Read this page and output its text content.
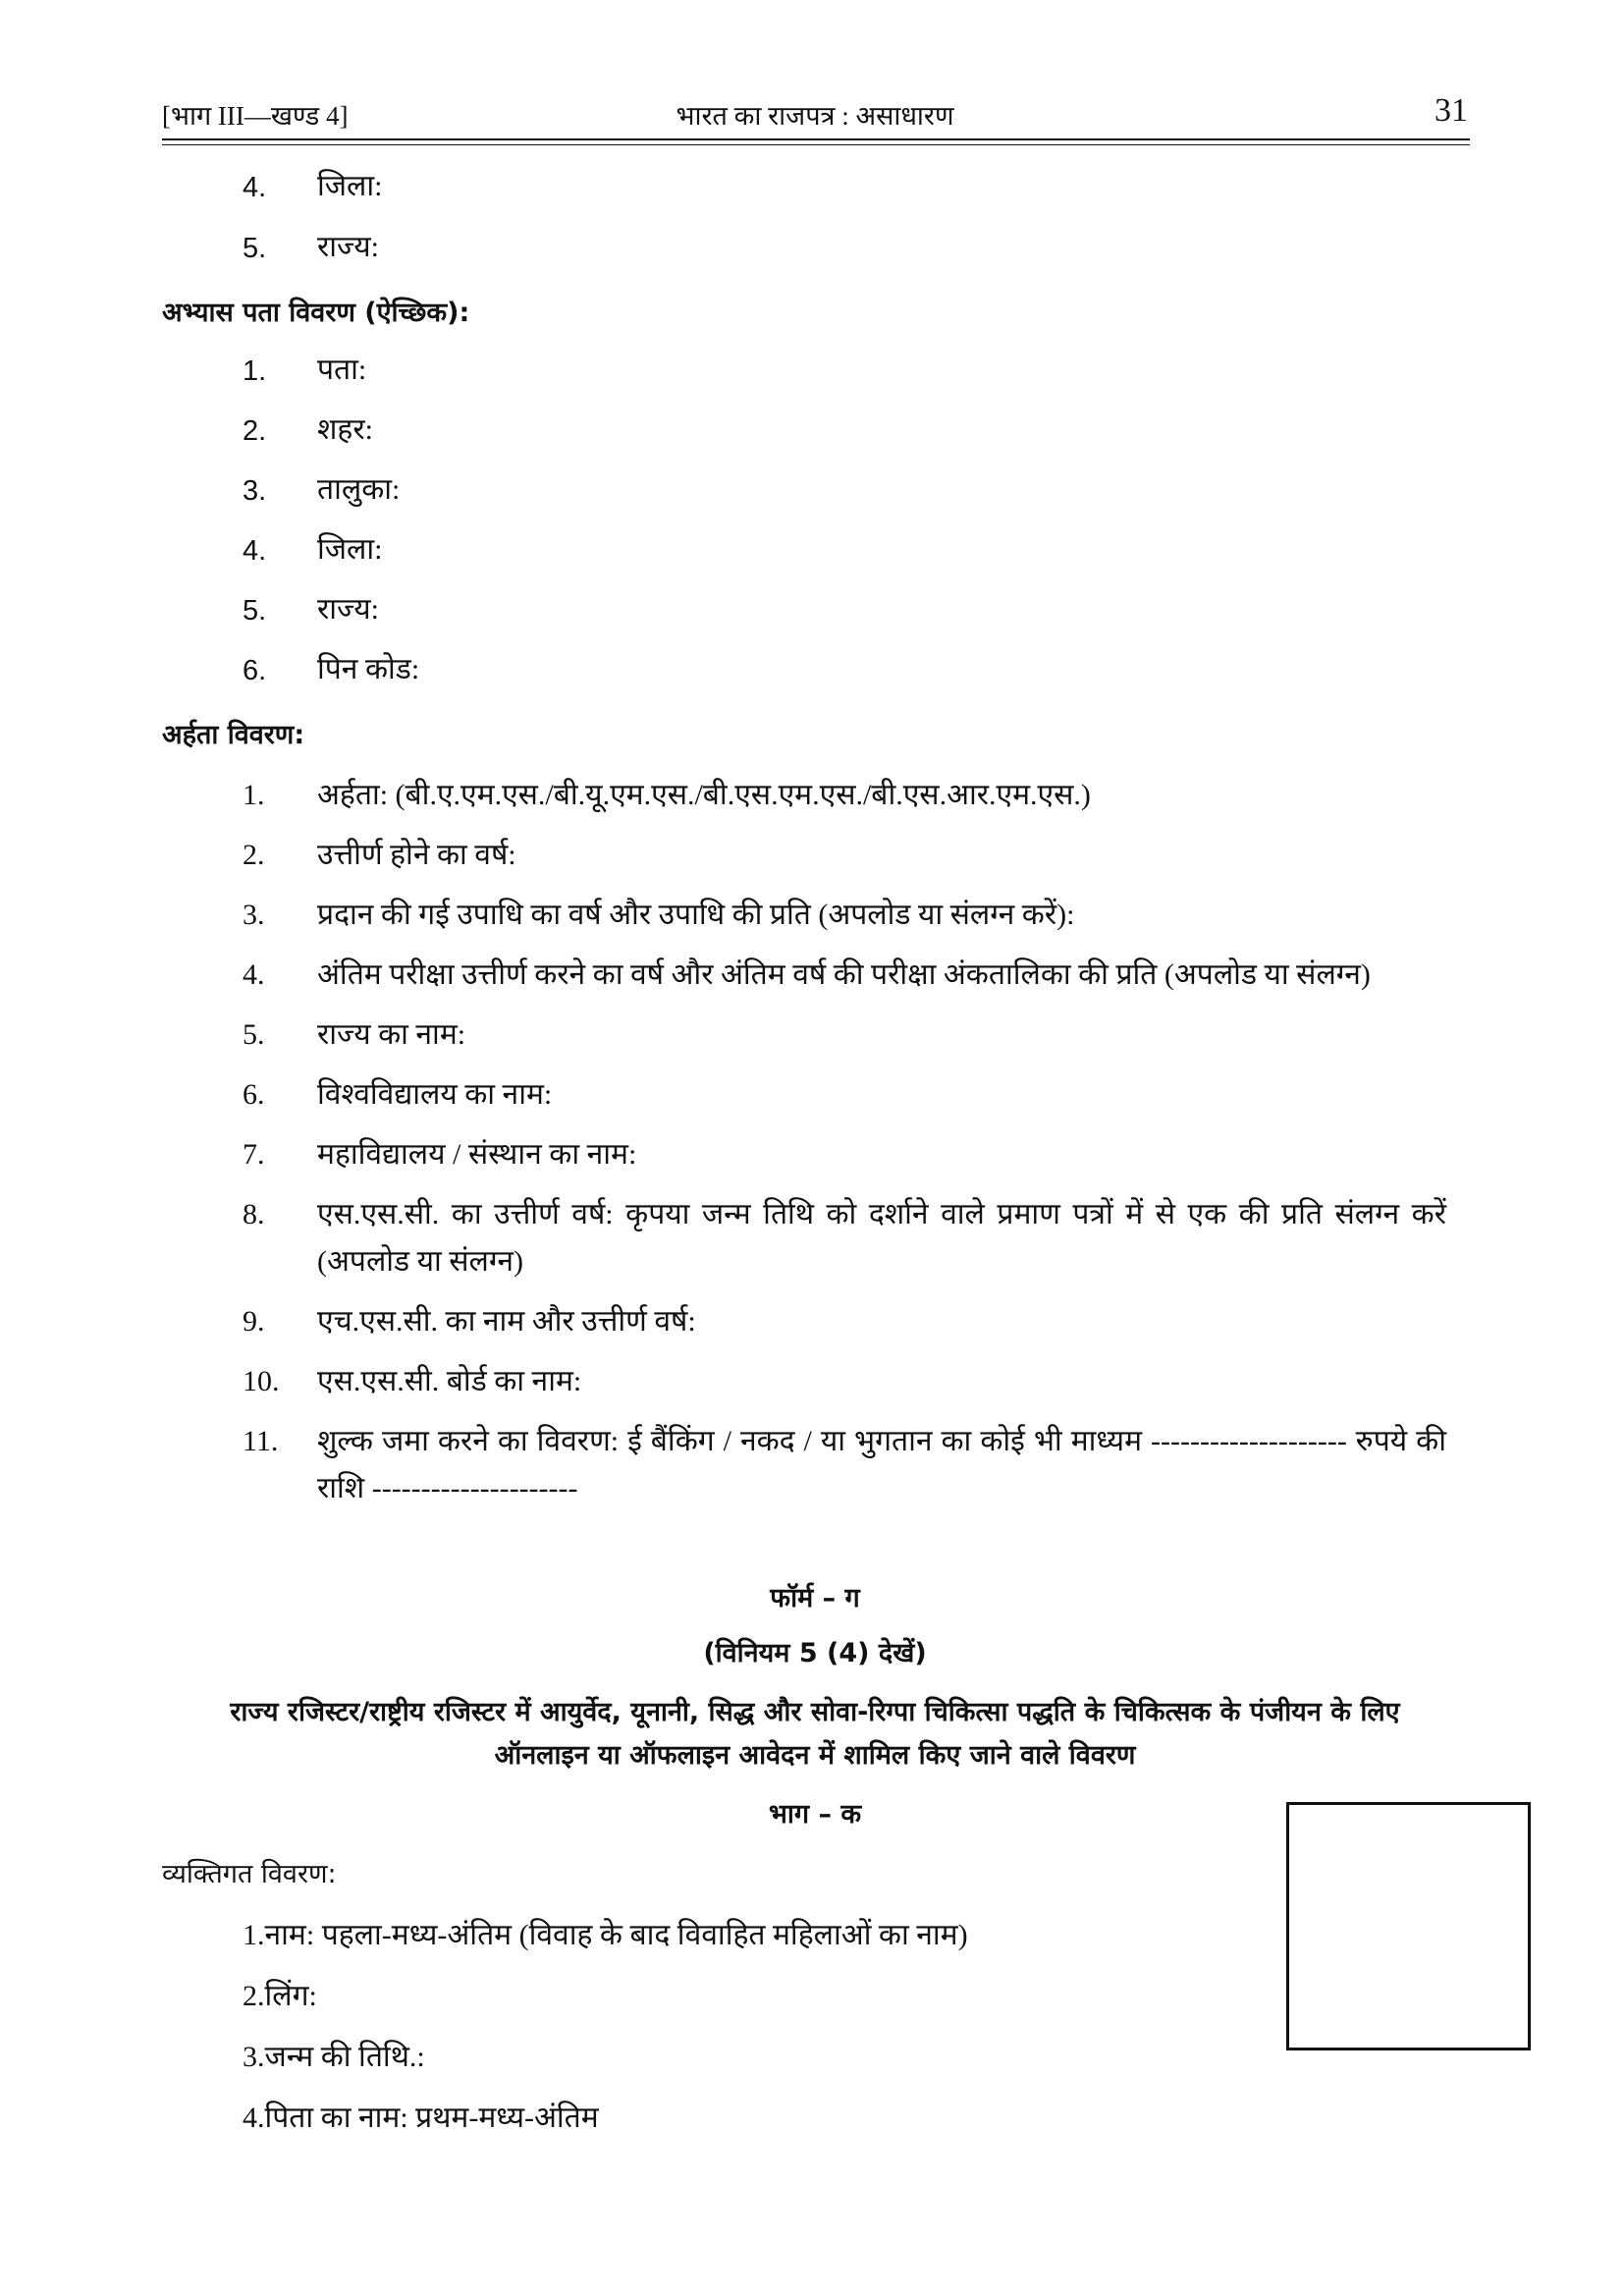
[भाग III—खण्ड 4]	भारत का राजपत्र : असाधारण	31
4.	जिला:
5.	राज्य:
अभ्यास पता विवरण (ऐच्छिक):
1.	पता:
2.	शहर:
3.	तालुका:
4.	जिला:
5.	राज्य:
6.	पिन कोड:
अर्हता विवरण:
1.	अर्हता: (बी.ए.एम.एस./बी.यू.एम.एस./बी.एस.एम.एस./बी.एस.आर.एम.एस.)
2.	उत्तीर्ण होने का वर्ष:
3.	प्रदान की गई उपाधि का वर्ष और उपाधि की प्रति (अपलोड या संलग्न करें):
4.	अंतिम परीक्षा उत्तीर्ण करने का वर्ष और अंतिम वर्ष की परीक्षा अंकतालिका की प्रति (अपलोड या संलग्न)
5.	राज्य का नाम:
6.	विश्वविद्यालय का नाम:
7.	महाविद्यालय / संस्थान का नाम:
8.	एस.एस.सी. का उत्तीर्ण वर्ष: कृपया जन्म तिथि को दर्शाने वाले प्रमाण पत्रों में से एक की प्रति संलग्न करें (अपलोड या संलग्न)
9.	एच.एस.सी. का नाम और उत्तीर्ण वर्ष:
10.	एस.एस.सी. बोर्ड का नाम:
11.	शुल्क जमा करने का विवरण: ई बैंकिंग / नकद / या भुगतान का कोई भी माध्यम -------------------- रुपये की राशि ---------------------
फॉर्म – ग
(विनियम 5 (4) देखें)
राज्य रजिस्टर/राष्ट्रीय रजिस्टर में आयुर्वेद, यूनानी, सिद्ध और सोवा-रिग्पा चिकित्सा पद्धति के चिकित्सक के पंजीयन के लिए
ऑनलाइन या ऑफलाइन आवेदन में शामिल किए जाने वाले विवरण
भाग – क
व्यक्तिगत विवरण:
1.नाम: पहला-मध्य-अंतिम (विवाह के बाद विवाहित महिलाओं का नाम)
2.लिंग:
3.जन्म की तिथि.:
4.पिता का नाम: प्रथम-मध्य-अंतिम
